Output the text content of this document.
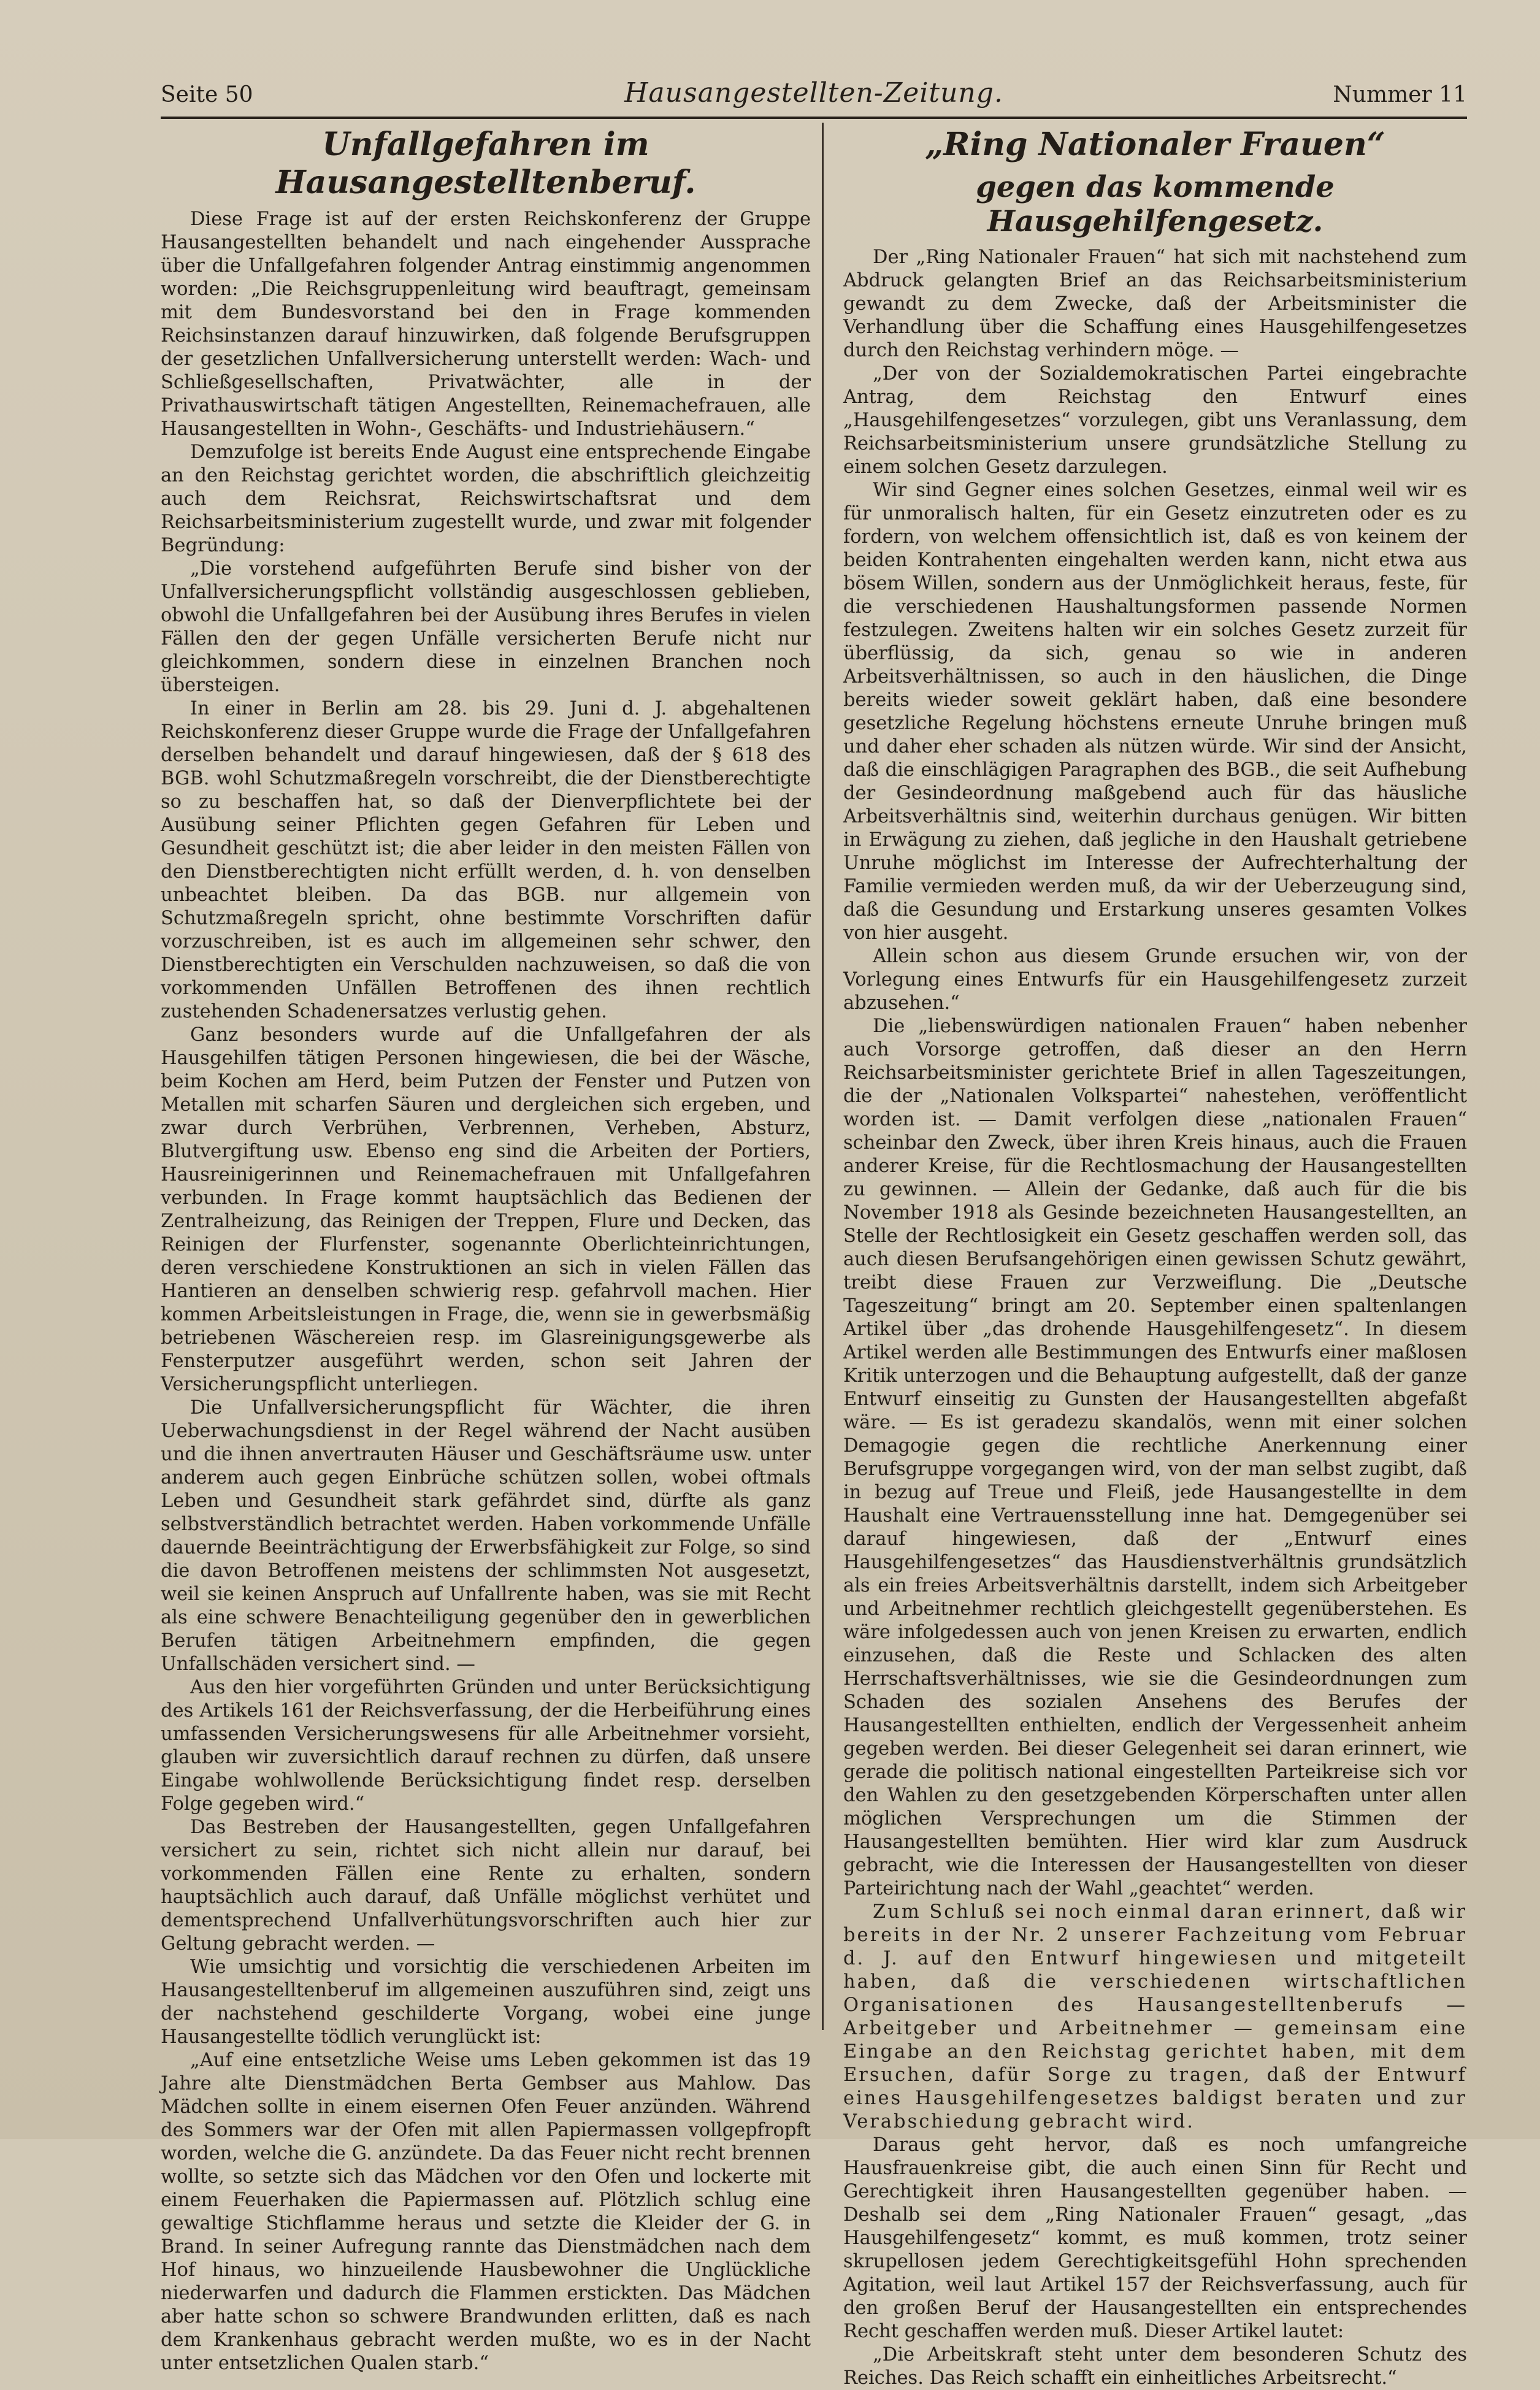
Seite 50	Hausangestellten-Zeitung.	Nummer 11
Unfallgefahren im Hausangestelltenberuf.

Diese Frage ist auf der ersten Reichskonferenz der Gruppe Hausangestellten behandelt und nach eingehender Aussprache über die Unfallgefahren folgender Antrag einstimmig angenommen worden: „Die Reichsgruppenleitung wird beauftragt, gemeinsam mit dem Bundesvorstand bei den in Frage kommenden Reichsinstanzen darauf hinzuwirken, daß folgende Berufsgruppen der gesetzlichen Unfallversicherung unterstellt werden: Wach- und Schließgesellschaften, Privatwächter, alle in der Privathauswirtschaft tätigen Angestellten, Reinemachefrauen, alle Hausangestellten in Wohn-, Geschäfts- und Industriehäusern.“

Demzufolge ist bereits Ende August eine entsprechende Eingabe an den Reichstag gerichtet worden, die abschriftlich gleichzeitig auch dem Reichsrat, Reichswirtschaftsrat und dem Reichsarbeitsministerium zugestellt wurde, und zwar mit folgender Begründung:

„Die vorstehend aufgeführten Berufe sind bisher von der Unfallversicherungspflicht vollständig ausgeschlossen geblieben, obwohl die Unfallgefahren bei der Ausübung ihres Berufes in vielen Fällen den der gegen Unfälle versicherten Berufe nicht nur gleichkommen, sondern diese in einzelnen Branchen noch übersteigen.

In einer in Berlin am 28. bis 29. Juni d. J. abgehaltenen Reichskonferenz dieser Gruppe wurde die Frage der Unfallgefahren derselben behandelt und darauf hingewiesen, daß der § 618 des BGB. wohl Schutzmaßregeln vorschreibt, die der Dienstberechtigte so zu beschaffen hat, so daß der Dienverpflichtete bei der Ausübung seiner Pflichten gegen Gefahren für Leben und Gesundheit geschützt ist; die aber leider in den meisten Fällen von den Dienstberechtigten nicht erfüllt werden, d. h. von denselben unbeachtet bleiben. Da das BGB. nur allgemein von Schutzmaßregeln spricht, ohne bestimmte Vorschriften dafür vorzuschreiben, ist es auch im allgemeinen sehr schwer, den Dienstberechtigten ein Verschulden nachzuweisen, so daß die von vorkommenden Unfällen Betroffenen des ihnen rechtlich zustehenden Schadenersatzes verlustig gehen.

Ganz besonders wurde auf die Unfallgefahren der als Hausgehilfen tätigen Personen hingewiesen, die bei der Wäsche, beim Kochen am Herd, beim Putzen der Fenster und Putzen von Metallen mit scharfen Säuren und dergleichen sich ergeben, und zwar durch Verbrühen, Verbrennen, Verheben, Absturz, Blutvergiftung usw. Ebenso eng sind die Arbeiten der Portiers, Hausreinigerinnen und Reinemachefrauen mit Unfallgefahren verbunden. In Frage kommt hauptsächlich das Bedienen der Zentralheizung, das Reinigen der Treppen, Flure und Decken, das Reinigen der Flurfenster, sogenannte Oberlichteinrichtungen, deren verschiedene Konstruktionen an sich in vielen Fällen das Hantieren an denselben schwierig resp. gefahrvoll machen. Hier kommen Arbeitsleistungen in Frage, die, wenn sie in gewerbsmäßig betriebenen Wäschereien resp. im Glasreinigungsgewerbe als Fensterputzer ausgeführt werden, schon seit Jahren der Versicherungspflicht unterliegen.

Die Unfallversicherungspflicht für Wächter, die ihren Ueberwachungsdienst in der Regel während der Nacht ausüben und die ihnen anvertrauten Häuser und Geschäftsräume usw. unter anderem auch gegen Einbrüche schützen sollen, wobei oftmals Leben und Gesundheit stark gefährdet sind, dürfte als ganz selbstverständlich betrachtet werden. Haben vorkommende Unfälle dauernde Beeinträchtigung der Erwerbsfähigkeit zur Folge, so sind die davon Betroffenen meistens der schlimmsten Not ausgesetzt, weil sie keinen Anspruch auf Unfallrente haben, was sie mit Recht als eine schwere Benachteiligung gegenüber den in gewerblichen Berufen tätigen Arbeitnehmern empfinden, die gegen Unfallschäden versichert sind. —

Aus den hier vorgeführten Gründen und unter Berücksichtigung des Artikels 161 der Reichsverfassung, der die Herbeiführung eines umfassenden Versicherungswesens für alle Arbeitnehmer vorsieht, glauben wir zuversichtlich darauf rechnen zu dürfen, daß unsere Eingabe wohlwollende Berücksichtigung findet resp. derselben Folge gegeben wird.“

Das Bestreben der Hausangestellten, gegen Unfallgefahren versichert zu sein, richtet sich nicht allein nur darauf, bei vorkommenden Fällen eine Rente zu erhalten, sondern hauptsächlich auch darauf, daß Unfälle möglichst verhütet und dementsprechend Unfallverhütungsvorschriften auch hier zur Geltung gebracht werden. —

Wie umsichtig und vorsichtig die verschiedenen Arbeiten im Hausangestelltenberuf im allgemeinen auszuführen sind, zeigt uns der nachstehend geschilderte Vorgang, wobei eine junge Hausangestellte tödlich verunglückt ist:

„Auf eine entsetzliche Weise ums Leben gekommen ist das 19 Jahre alte Dienstmädchen Berta Gembser aus Mahlow. Das Mädchen sollte in einem eisernen Ofen Feuer anzünden. Während des Sommers war der Ofen mit allen Papiermassen vollgepfropft worden, welche die G. anzündete. Da das Feuer nicht recht brennen wollte, so setzte sich das Mädchen vor den Ofen und lockerte mit einem Feuerhaken die Papiermassen auf. Plötzlich schlug eine gewaltige Stichflamme heraus und setzte die Kleider der G. in Brand. In seiner Aufregung rannte das Dienstmädchen nach dem Hof hinaus, wo hinzueilende Hausbewohner die Unglückliche niederwarfen und dadurch die Flammen erstickten. Das Mädchen aber hatte schon so schwere Brandwunden erlitten, daß es nach dem Krankenhaus gebracht werden mußte, wo es in der Nacht unter entsetzlichen Qualen starb.“

„Ring Nationaler Frauen“
gegen das kommende Hausgehilfengesetz.

Der „Ring Nationaler Frauen“ hat sich mit nachstehend zum Abdruck gelangten Brief an das Reichsarbeitsministerium gewandt zu dem Zwecke, daß der Arbeitsminister die Verhandlung über die Schaffung eines Hausgehilfengesetzes durch den Reichstag verhindern möge. —

„Der von der Sozialdemokratischen Partei eingebrachte Antrag, dem Reichstag den Entwurf eines „Hausgehilfengesetzes“ vorzulegen, gibt uns Veranlassung, dem Reichsarbeitsministerium unsere grundsätzliche Stellung zu einem solchen Gesetz darzulegen.

Wir sind Gegner eines solchen Gesetzes, einmal weil wir es für unmoralisch halten, für ein Gesetz einzutreten oder es zu fordern, von welchem offensichtlich ist, daß es von keinem der beiden Kontrahenten eingehalten werden kann, nicht etwa aus bösem Willen, sondern aus der Unmöglichkeit heraus, feste, für die verschiedenen Haushaltungsformen passende Normen festzulegen. Zweitens halten wir ein solches Gesetz zurzeit für überflüssig, da sich, genau so wie in anderen Arbeitsverhältnissen, so auch in den häuslichen, die Dinge bereits wieder soweit geklärt haben, daß eine besondere gesetzliche Regelung höchstens erneute Unruhe bringen muß und daher eher schaden als nützen würde. Wir sind der Ansicht, daß die einschlägigen Paragraphen des BGB., die seit Aufhebung der Gesindeordnung maßgebend auch für das häusliche Arbeitsverhältnis sind, weiterhin durchaus genügen. Wir bitten in Erwägung zu ziehen, daß jegliche in den Haushalt getriebene Unruhe möglichst im Interesse der Aufrechterhaltung der Familie vermieden werden muß, da wir der Ueberzeugung sind, daß die Gesundung und Erstarkung unseres gesamten Volkes von hier ausgeht.

Allein schon aus diesem Grunde ersuchen wir, von der Vorlegung eines Entwurfs für ein Hausgehilfengesetz zurzeit abzusehen.“

Die „liebenswürdigen nationalen Frauen“ haben nebenher auch Vorsorge getroffen, daß dieser an den Herrn Reichsarbeitsminister gerichtete Brief in allen Tageszeitungen, die der „Nationalen Volkspartei“ nahestehen, veröffentlicht worden ist. — Damit verfolgen diese „nationalen Frauen“ scheinbar den Zweck, über ihren Kreis hinaus, auch die Frauen anderer Kreise, für die Rechtlosmachung der Hausangestellten zu gewinnen. — Allein der Gedanke, daß auch für die bis November 1918 als Gesinde bezeichneten Hausangestellten, an Stelle der Rechtlosigkeit ein Gesetz geschaffen werden soll, das auch diesen Berufsangehörigen einen gewissen Schutz gewährt, treibt diese Frauen zur Verzweiflung. Die „Deutsche Tageszeitung“ bringt am 20. September einen spaltenlangen Artikel über „das drohende Hausgehilfengesetz“. In diesem Artikel werden alle Bestimmungen des Entwurfs einer maßlosen Kritik unterzogen und die Behauptung aufgestellt, daß der ganze Entwurf einseitig zu Gunsten der Hausangestellten abgefaßt wäre. — Es ist geradezu skandalös, wenn mit einer solchen Demagogie gegen die rechtliche Anerkennung einer Berufsgruppe vorgegangen wird, von der man selbst zugibt, daß in bezug auf Treue und Fleiß, jede Hausangestellte in dem Haushalt eine Vertrauensstellung inne hat. Demgegenüber sei darauf hingewiesen, daß der „Entwurf eines Hausgehilfengesetzes“ das Hausdienstverhältnis grundsätzlich als ein freies Arbeitsverhältnis darstellt, indem sich Arbeitgeber und Arbeitnehmer rechtlich gleichgestellt gegenüberstehen. Es wäre infolgedessen auch von jenen Kreisen zu erwarten, endlich einzusehen, daß die Reste und Schlacken des alten Herrschaftsverhältnisses, wie sie die Gesindeordnungen zum Schaden des sozialen Ansehens des Berufes der Hausangestellten enthielten, endlich der Vergessenheit anheim gegeben werden. Bei dieser Gelegenheit sei daran erinnert, wie gerade die politisch national eingestellten Parteikreise sich vor den Wahlen zu den gesetzgebenden Körperschaften unter allen möglichen Versprechungen um die Stimmen der Hausangestellten bemühten. Hier wird klar zum Ausdruck gebracht, wie die Interessen der Hausangestellten von dieser Parteirichtung nach der Wahl „geachtet“ werden.

Zum Schluß sei noch einmal daran erinnert, daß wir bereits in der Nr. 2 unserer Fachzeitung vom Februar d. J. auf den Entwurf hingewiesen und mitgeteilt haben, daß die verschiedenen wirtschaftlichen Organisationen des Hausangestelltenberufs — Arbeitgeber und Arbeitnehmer — gemeinsam eine Eingabe an den Reichstag gerichtet haben, mit dem Ersuchen, dafür Sorge zu tragen, daß der Entwurf eines Hausgehilfengesetzes baldigst beraten und zur Verabschiedung gebracht wird.

Daraus geht hervor, daß es noch umfangreiche Hausfrauenkreise gibt, die auch einen Sinn für Recht und Gerechtigkeit ihren Hausangestellten gegenüber haben. — Deshalb sei dem „Ring Nationaler Frauen“ gesagt, „das Hausgehilfengesetz“ kommt, es muß kommen, trotz seiner skrupellosen jedem Gerechtigkeitsgefühl Hohn sprechenden Agitation, weil laut Artikel 157 der Reichsverfassung, auch für den großen Beruf der Hausangestellten ein entsprechendes Recht geschaffen werden muß. Dieser Artikel lautet:

„Die Arbeitskraft steht unter dem besonderen Schutz des Reiches. Das Reich schafft ein einheitliches Arbeitsrecht.“
